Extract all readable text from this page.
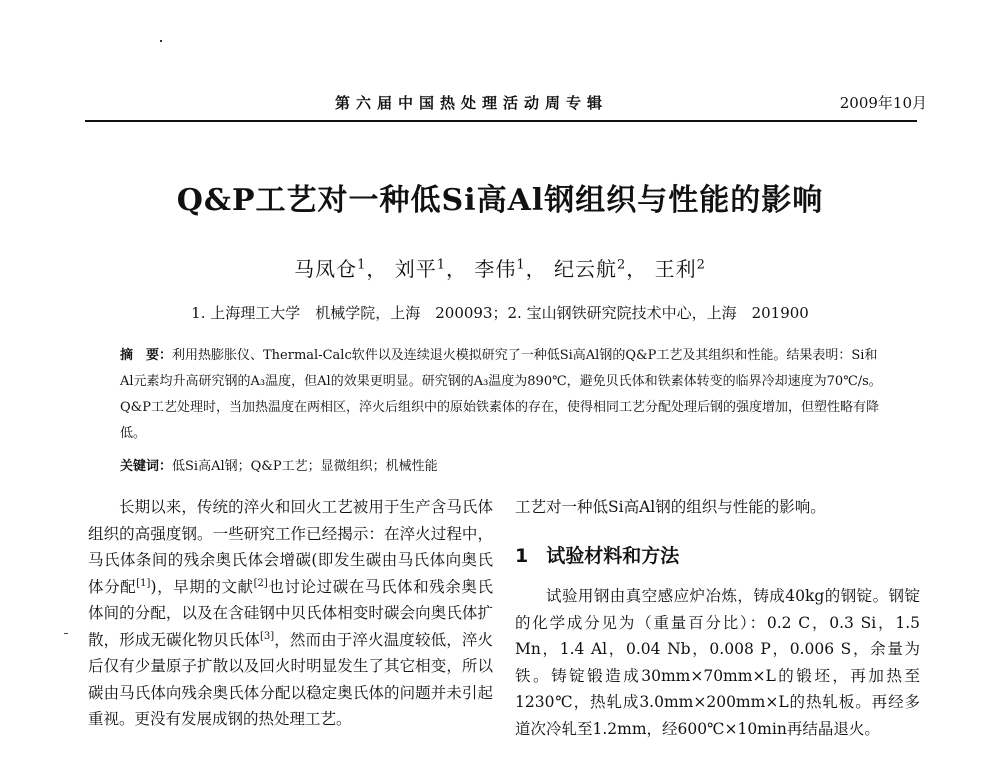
第六届中国热处理活动周专辑	2009年10月
Q&P工艺对一种低Si高Al钢组织与性能的影响
马凤仓$^1$， 刘平$^1$， 李伟$^1$， 纪云航$^2$， 王利$^2$
1. 上海理工大学　机械学院，上海　200093；2. 宝山钢铁研究院技术中心，上海　201900

摘　要：利用热膨胀仪、Thermal-Calc软件以及连续退火模拟研究了一种低Si高Al钢的Q&P工艺及其组织和性能。结果表明：Si和Al元素均升高研究钢的A₃温度，但Al的效果更明显。研究钢的A₃温度为890℃，避免贝氏体和铁素体转变的临界冷却速度为70℃/s。Q&P工艺处理时，当加热温度在两相区，淬火后组织中的原始铁素体的存在，使得相同工艺分配处理后钢的强度增加，但塑性略有降低。

关键词：低Si高Al钢；Q&P工艺；显微组织；机械性能

长期以来，传统的淬火和回火工艺被用于生产含马氏体组织的高强度钢。一些研究工作已经揭示：在淬火过程中，马氏体条间的残余奥氏体会增碳(即发生碳由马氏体向奥氏体分配[1])，早期的文献[2]也讨论过碳在马氏体和残余奥氏体间的分配，以及在含硅钢中贝氏体相变时碳会向奥氏体扩散，形成无碳化物贝氏体[3]，然而由于淬火温度较低，淬火后仅有少量原子扩散以及回火时明显发生了其它相变，所以碳由马氏体向残余奥氏体分配以稳定奥氏体的问题并未引起重视。更没有发展成钢的热处理工艺。

工艺对一种低Si高Al钢的组织与性能的影响。

1 试验材料和方法

试验用钢由真空感应炉冶炼，铸成40kg的钢锭。钢锭的化学成分见为（重量百分比）：0.2 C，0.3 Si，1.5 Mn，1.4 Al，0.04 Nb，0.008 P，0.006 S，余量为铁。铸锭锻造成30mm×70mm×L的锻坯，再加热至1230℃，热轧成3.0mm×200mm×L的热轧板。再经多道次冷轧至1.2mm，经600℃×10min再结晶退火。
